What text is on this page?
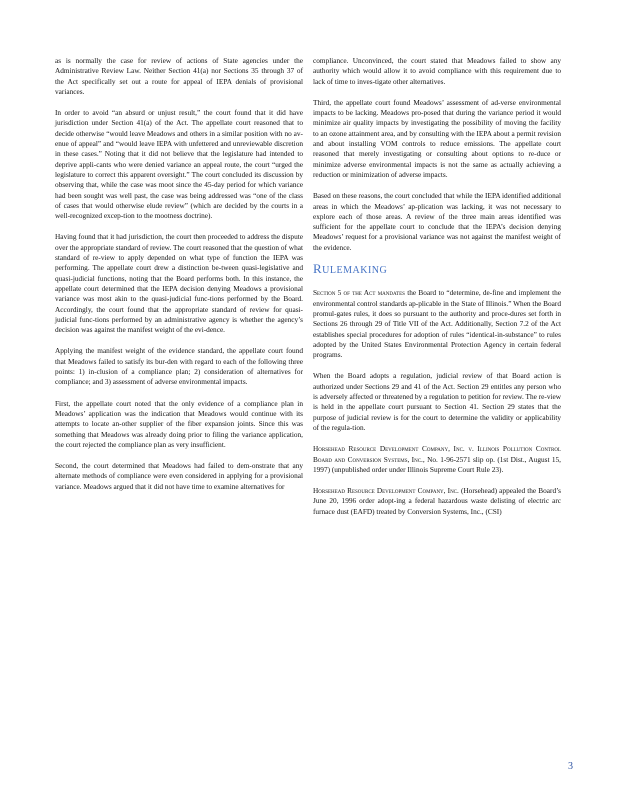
as is normally the case for review of actions of State agencies under the Administrative Review Law. Neither Section 41(a) nor Sections 35 through 37 of the Act specifically set out a route for appeal of IEPA denials of provisional variances.

In order to avoid “an absurd or unjust result,” the court found that it did have jurisdiction under Section 41(a) of the Act. The appellate court reasoned that to decide otherwise “would leave Meadows and others in a similar position with no av-enue of appeal” and “would leave IEPA with unfettered and unreviewable discretion in these cases.” Noting that it did not believe that the legislature had intended to deprive appli-cants who were denied variance an appeal route, the court “urged the legislature to correct this apparent oversight.” The court concluded its discussion by observing that, while the case was moot since the 45-day period for which variance had been sought was well past, the case was being addressed was “one of the class of cases that would otherwise elude review” (which are decided by the courts in a well-recognized excep-tion to the mootness doctrine).

Having found that it had jurisdiction, the court then proceeded to address the dispute over the appropriate standard of review. The court reasoned that the question of what standard of re-view to apply depended on what type of function the IEPA was performing. The appellate court drew a distinction be-tween quasi-legislative and quasi-judicial functions, noting that the Board performs both. In this instance, the appellate court determined that the IEPA decision denying Meadows a provisional variance was most akin to the quasi-judicial func-tions performed by the Board. Accordingly, the court found that the appropriate standard of review for quasi-judicial func-tions performed by an administrative agency is whether the agency’s decision was against the manifest weight of the evi-dence.

Applying the manifest weight of the evidence standard, the appellate court found that Meadows failed to satisfy its bur-den with regard to each of the following three points: 1) in-clusion of a compliance plan; 2) consideration of alternatives for compliance; and 3) assessment of adverse environmental impacts.

First, the appellate court noted that the only evidence of a compliance plan in Meadows’ application was the indication that Meadows would continue with its attempts to locate an-other supplier of the fiber expansion joints. Since this was something that Meadows was already doing prior to filing the variance application, the court rejected the compliance plan as very insufficient.

Second, the court determined that Meadows had failed to dem-onstrate that any alternate methods of compliance were even considered in applying for a provisional variance. Meadows argued that it did not have time to examine alternatives for

compliance. Unconvinced, the court stated that Meadows failed to show any authority which would allow it to avoid compliance with this requirement due to lack of time to inves-tigate other alternatives.

Third, the appellate court found Meadows’ assessment of ad-verse environmental impacts to be lacking. Meadows pro-posed that during the variance period it would minimize air quality impacts by investigating the possibility of moving the facility to an ozone attainment area, and by consulting with the IEPA about a permit revision and about installing VOM controls to reduce emissions. The appellate court reasoned that merely investigating or consulting about options to re-duce or minimize adverse environmental impacts is not the same as actually achieving a reduction or minimization of adverse impacts.

Based on these reasons, the court concluded that while the IEPA identified additional areas in which the Meadows’ ap-plication was lacking, it was not necessary to explore each of those areas. A review of the three main areas identified was sufficient for the appellate court to conclude that the IEPA’s decision denying Meadows’ request for a provisional variance was not against the manifest weight of the evidence.

RULEMAKING

Section 5 of the Act mandates the Board to “determine, de-fine and implement the environmental control standards ap-plicable in the State of Illinois.” When the Board promul-gates rules, it does so pursuant to the authority and proce-dures set forth in Sections 26 through 29 of Title VII of the Act. Additionally, Section 7.2 of the Act establishes special procedures for adoption of rules “identical-in-substance” to rules adopted by the United States Environmental Protection Agency in certain federal programs.

When the Board adopts a regulation, judicial review of that Board action is authorized under Sections 29 and 41 of the Act. Section 29 entitles any person who is adversely affected or threatened by a regulation to petition for review. The re-view is held in the appellate court pursuant to Section 41. Section 29 states that the purpose of judicial review is for the court to determine the validity or applicability of the regula-tion.

Horsehead Resource Development Company, Inc. v. Illinois Pollution Control Board and Conversion Systems, Inc., No. 1-96-2571 slip op. (1st Dist., August 15, 1997) (unpublished order under Illinois Supreme Court Rule 23).

Horsehead Resource Development Company, Inc. (Horsehead) appealed the Board’s June 20, 1996 order adopt-ing a federal hazardous waste delisting of electric arc furnace dust (EAFD) treated by Conversion Systems, Inc., (CSI)

3
